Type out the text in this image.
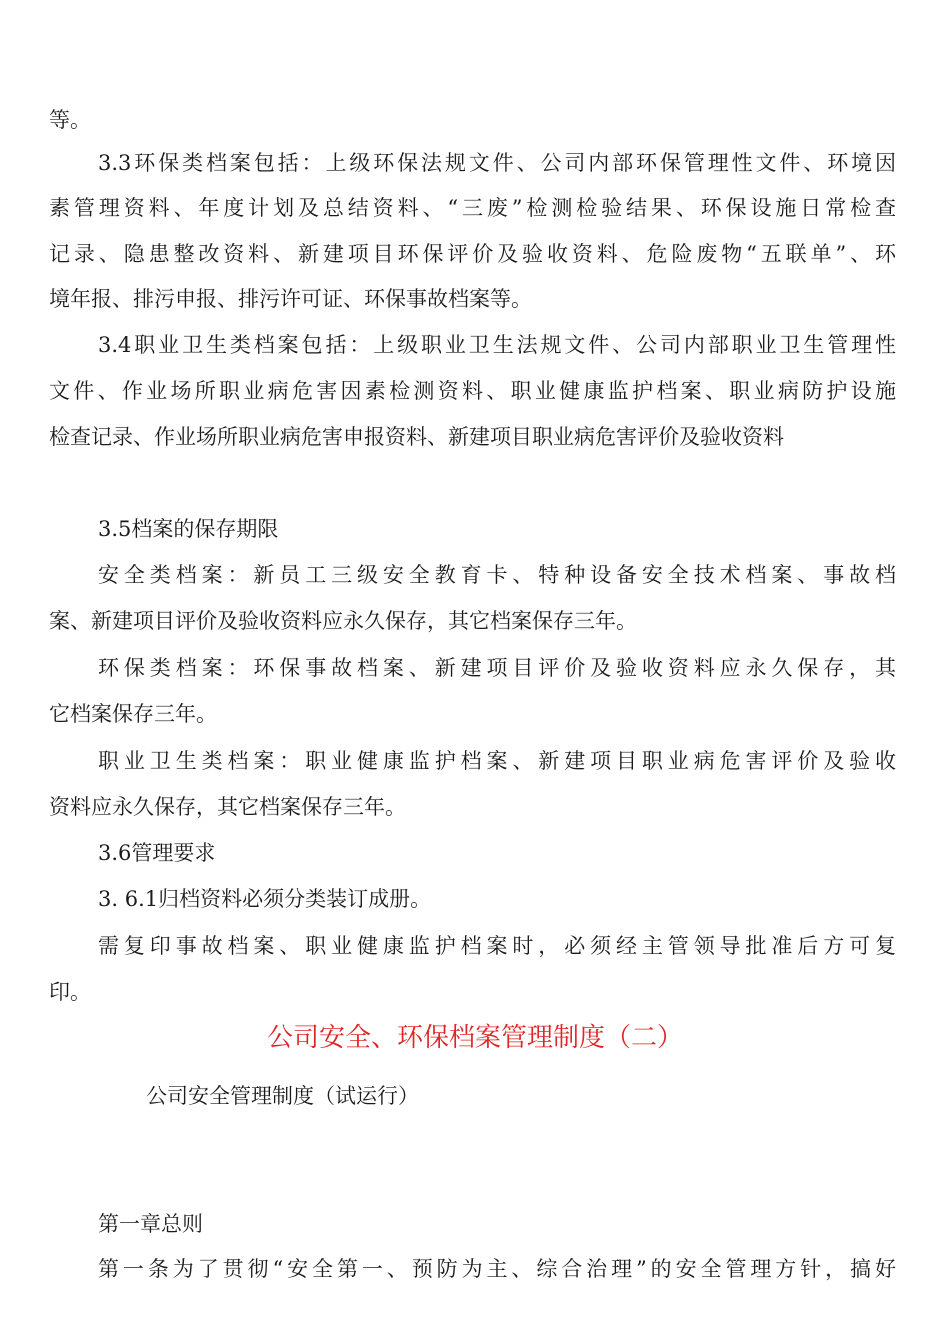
等。
3.3环保类档案包括：上级环保法规文件、公司内部环保管理性文件、环境因
素管理资料、年度计划及总结资料、“三废”检测检验结果、环保设施日常检查
记录、隐患整改资料、新建项目环保评价及验收资料、危险废物“五联单”、环
境年报、排污申报、排污许可证、环保事故档案等。
3.4职业卫生类档案包括：上级职业卫生法规文件、公司内部职业卫生管理性
文件、作业场所职业病危害因素检测资料、职业健康监护档案、职业病防护设施
检查记录、作业场所职业病危害申报资料、新建项目职业病危害评价及验收资料
3.5档案的保存期限
安全类档案：新员工三级安全教育卡、特种设备安全技术档案、事故档
案、新建项目评价及验收资料应永久保存，其它档案保存三年。
环保类档案：环保事故档案、新建项目评价及验收资料应永久保存，其
它档案保存三年。
职业卫生类档案：职业健康监护档案、新建项目职业病危害评价及验收
资料应永久保存，其它档案保存三年。
3.6管理要求
3. 6.1归档资料必须分类装订成册。
需复印事故档案、职业健康监护档案时，必须经主管领导批准后方可复
印。
公司安全、环保档案管理制度（二）
公司安全管理制度（试运行）
第一章总则
第一条为了贯彻“安全第一、预防为主、综合治理”的安全管理方针，搞好
